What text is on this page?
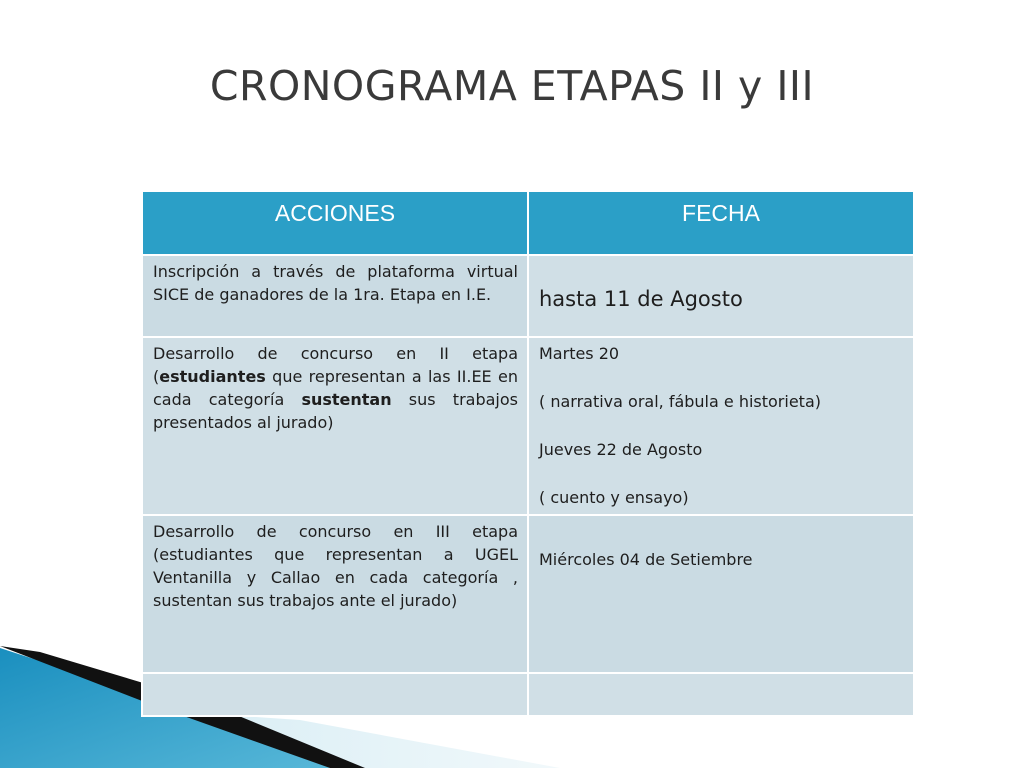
CRONOGRAMA ETAPAS II y III
ACCIONES	FECHA
Inscripción a través de plataforma virtual SICE de ganadores de la 1ra. Etapa en I.E.	hasta 11 de Agosto

Desarrollo de concurso en II etapa (estudiantes que representan a las II.EE en cada categoría sustentan sus trabajos presentados al jurado)	Martes 20
( narrativa oral, fábula e historieta)
Jueves 22 de Agosto
( cuento y ensayo)

Desarrollo de concurso en III etapa (estudiantes que representan a UGEL Ventanilla y Callao en cada categoría , sustentan sus trabajos ante el jurado)	Miércoles 04 de Setiembre
